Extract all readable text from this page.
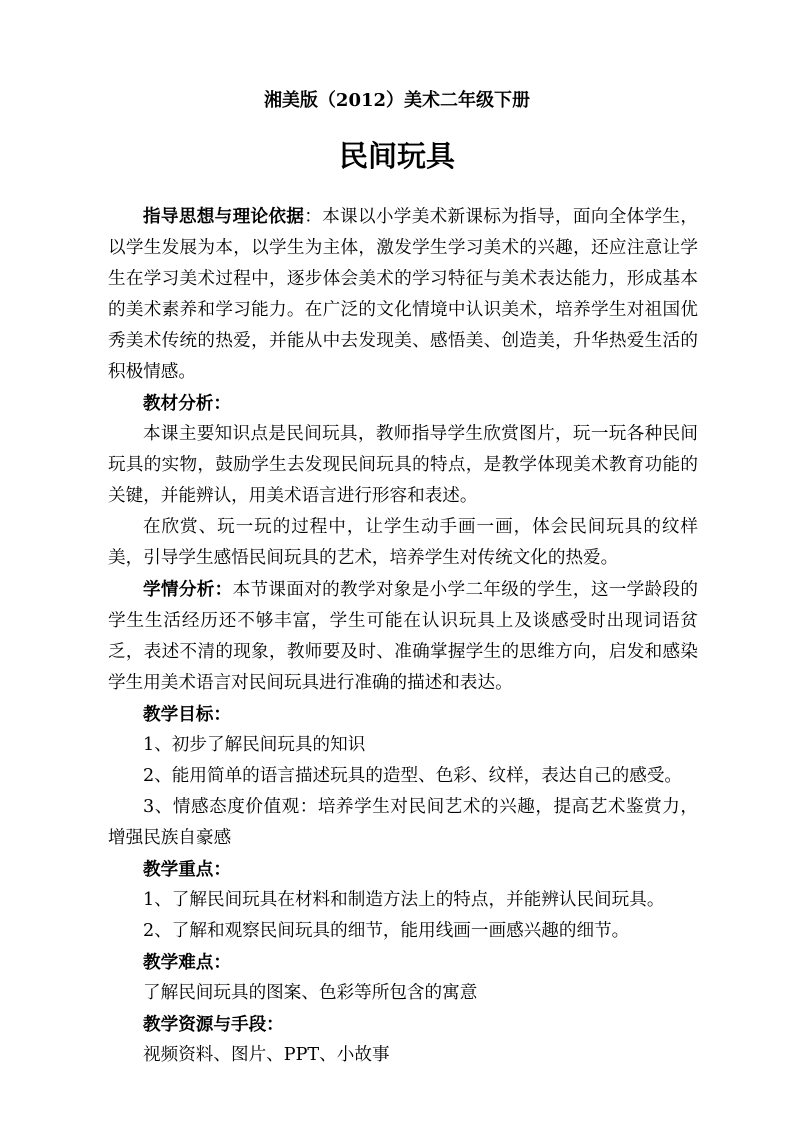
湘美版（2012）美术二年级下册
民间玩具

指导思想与理论依据：本课以小学美术新课标为指导，面向全体学生，以学生发展为本，以学生为主体，激发学生学习美术的兴趣，还应注意让学生在学习美术过程中，逐步体会美术的学习特征与美术表达能力，形成基本的美术素养和学习能力。在广泛的文化情境中认识美术，培养学生对祖国优秀美术传统的热爱，并能从中去发现美、感悟美、创造美，升华热爱生活的积极情感。

教材分析：

本课主要知识点是民间玩具，教师指导学生欣赏图片，玩一玩各种民间玩具的实物，鼓励学生去发现民间玩具的特点，是教学体现美术教育功能的关键，并能辨认，用美术语言进行形容和表述。

在欣赏、玩一玩的过程中，让学生动手画一画，体会民间玩具的纹样美，引导学生感悟民间玩具的艺术，培养学生对传统文化的热爱。

学情分析：本节课面对的教学对象是小学二年级的学生，这一学龄段的学生生活经历还不够丰富，学生可能在认识玩具上及谈感受时出现词语贫乏，表述不清的现象，教师要及时、准确掌握学生的思维方向，启发和感染学生用美术语言对民间玩具进行准确的描述和表达。

教学目标：

1、初步了解民间玩具的知识

2、能用简单的语言描述玩具的造型、色彩、纹样，表达自己的感受。

3、情感态度价值观：培养学生对民间艺术的兴趣，提高艺术鉴赏力，增强民族自豪感

教学重点：

1、了解民间玩具在材料和制造方法上的特点，并能辨认民间玩具。

2、了解和观察民间玩具的细节，能用线画一画感兴趣的细节。

教学难点：

了解民间玩具的图案、色彩等所包含的寓意

教学资源与手段：

视频资料、图片、PPT、小故事
